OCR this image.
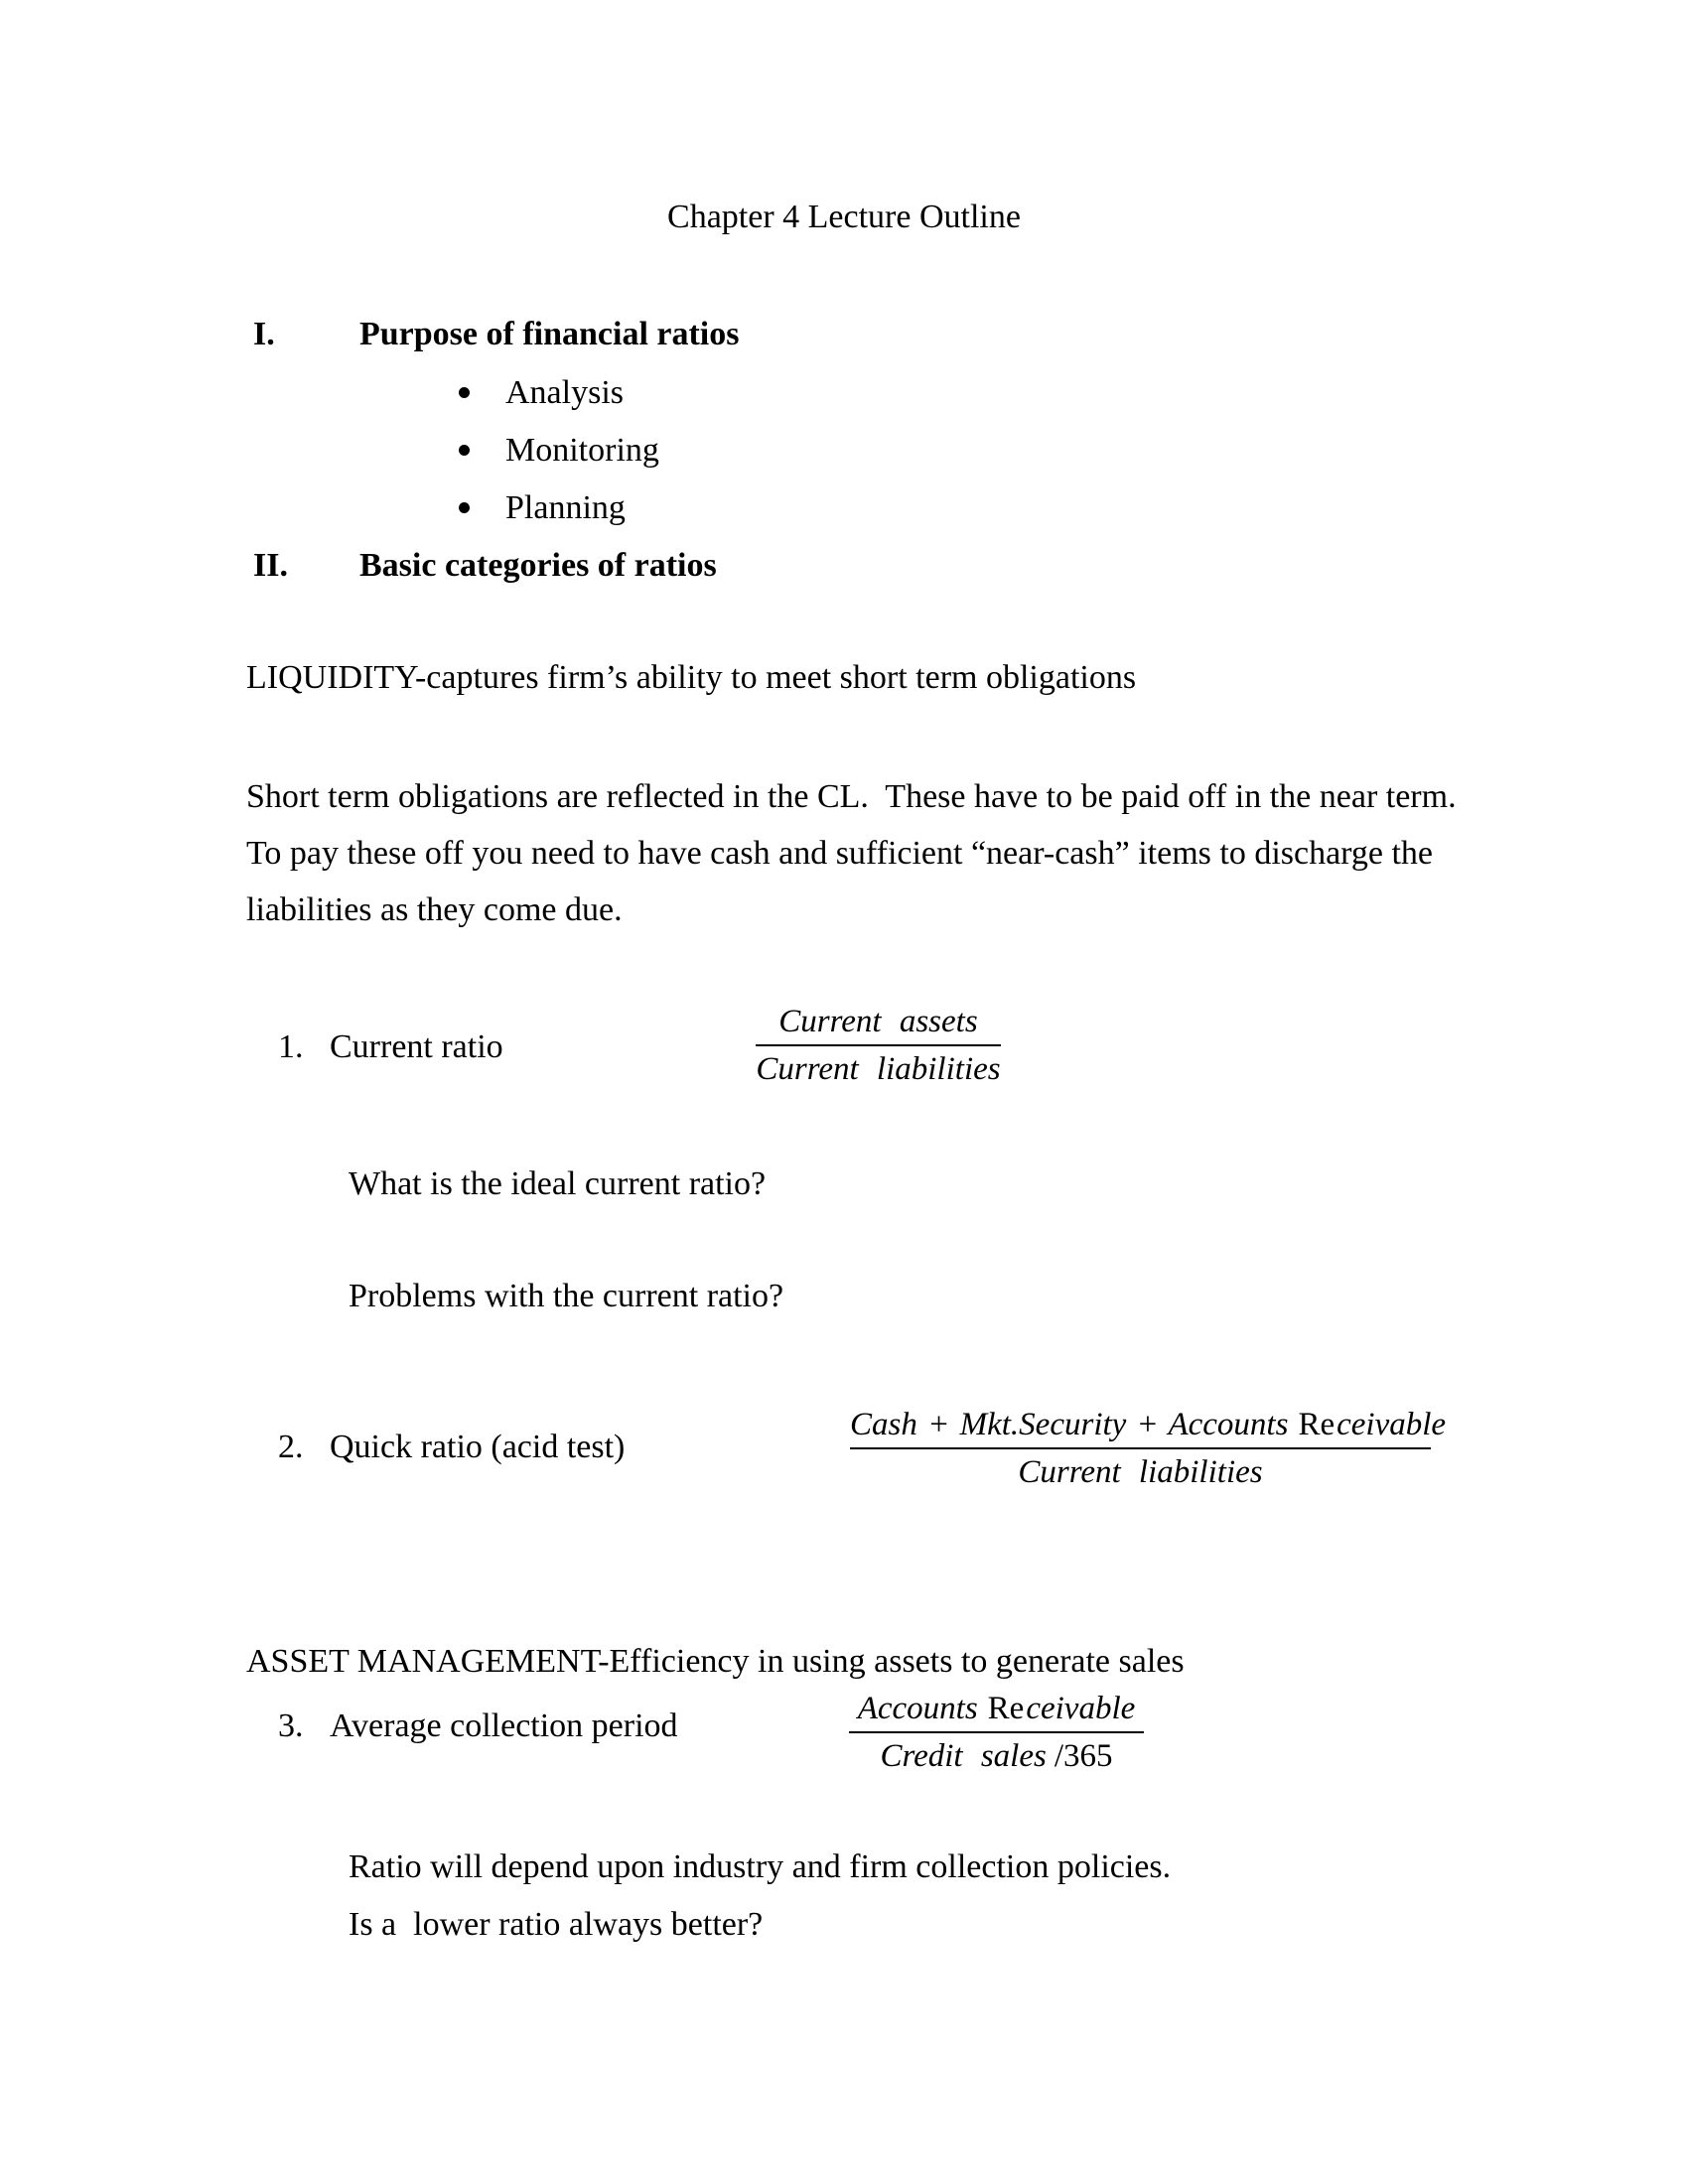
Chapter 4 Lecture Outline
I.	Purpose of financial ratios
Analysis
Monitoring
Planning
II. Basic categories of ratios
LIQUIDITY-captures firm’s ability to meet short term obligations
Short term obligations are reflected in the CL.  These have to be paid off in the near term. To pay these off you need to have cash and sufficient “near-cash” items to discharge the liabilities as they come due.
1. Current ratio
Current assets
Current liabilities
What is the ideal current ratio?
Problems with the current ratio?
2. Quick ratio (acid test)
Cash + Mkt.Security + Accounts Receivable
Current liabilities
ASSET MANAGEMENT-Efficiency in using assets to generate sales
3. Average collection period	Accounts Receivable
Credit sales /365
Ratio will depend upon industry and firm collection policies.
Is a  lower ratio always better?
